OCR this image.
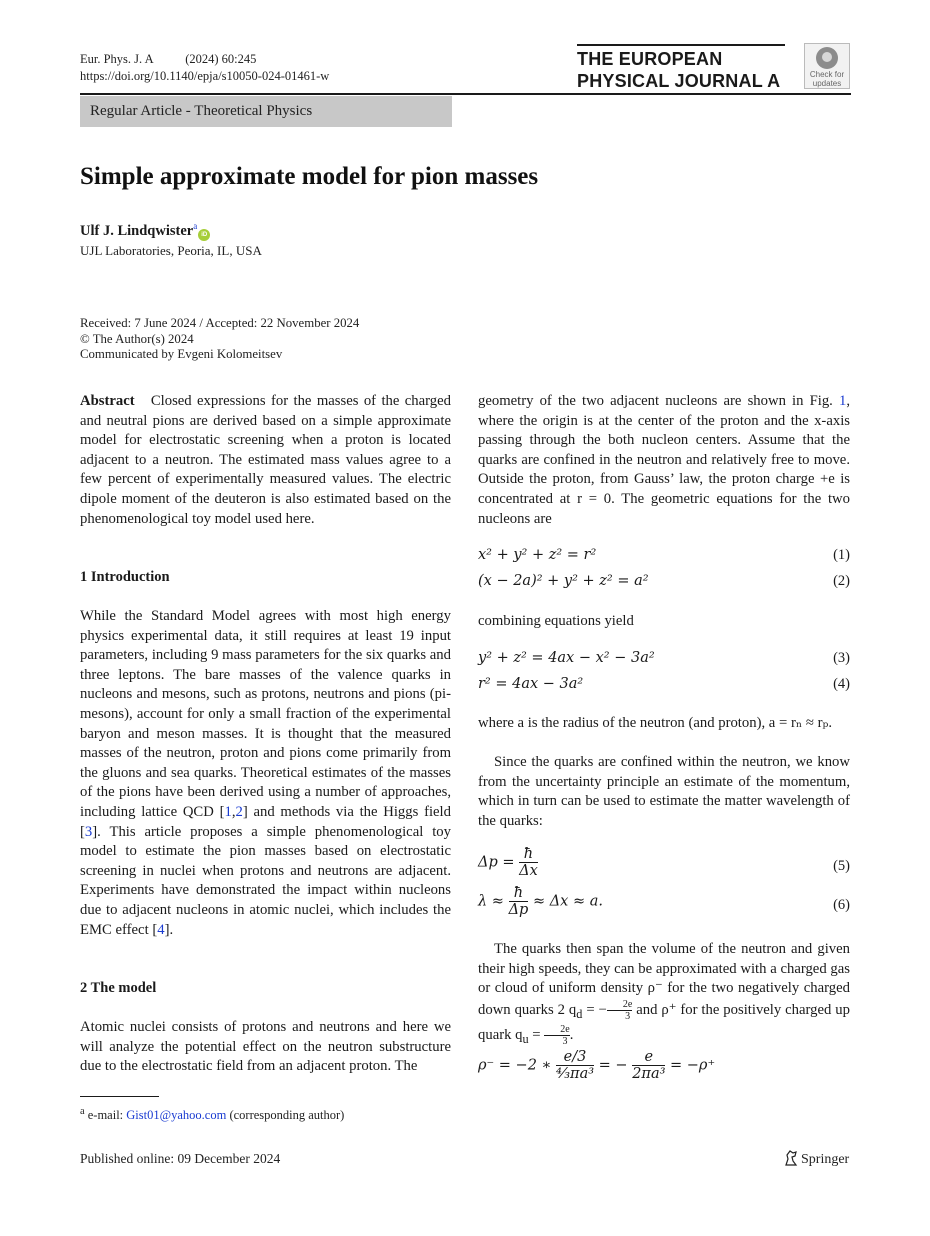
Eur. Phys. J. A	(2024) 60:245
https://doi.org/10.1140/epja/s10050-024-01461-w
THE EUROPEAN
PHYSICAL JOURNAL A	Check for
updates
Regular Article - Theoretical Physics
Simple approximate model for pion masses
Ulf J. Lindqwister$^a$iD
UJL Laboratories, Peoria, IL, USA
Received: 7 June 2024 / Accepted: 22 November 2024
© The Author(s) 2024
Communicated by Evgeni Kolomeitsev
Abstract Closed expressions for the masses of the charged and neutral pions are derived based on a simple approximate model for electrostatic screening when a proton is located adjacent to a neutron. The estimated mass values agree to a few percent of experimentally measured values. The electric dipole moment of the deuteron is also estimated based on the phenomenological toy model used here.
1 Introduction
While the Standard Model agrees with most high energy physics experimental data, it still requires at least 19 input parameters, including 9 mass parameters for the six quarks and three leptons. The bare masses of the valence quarks in nucleons and mesons, such as protons, neutrons and pions (pi-mesons), account for only a small fraction of the experimental baryon and meson masses. It is thought that the measured masses of the neutron, proton and pions come primarily from the gluons and sea quarks. Theoretical estimates of the masses of the pions have been derived using a number of approaches, including lattice QCD [1,2] and methods via the Higgs field [3]. This article proposes a simple phenomenological toy model to estimate the pion masses based on electrostatic screening in nuclei when protons and neutrons are adjacent. Experiments have demonstrated the impact within nucleons due to adjacent nucleons in atomic nuclei, which includes the EMC effect [4].
2 The model
Atomic nuclei consists of protons and neutrons and here we will analyze the potential effect on the neutron substructure due to the electrostatic field from an adjacent proton. The
geometry of the two adjacent nucleons are shown in Fig. 1, where the origin is at the center of the proton and the x-axis passing through the both nucleon centers. Assume that the quarks are confined in the neutron and relatively free to move. Outside the proton, from Gauss’ law, the proton charge +e is concentrated at r = 0. The geometric equations for the two nucleons are
x² + y² + z² = r²	(1)
(x − 2a)² + y² + z² = a²	(2)
combining equations yield
y² + z² = 4ax − x² − 3a²	(3)
r² = 4ax − 3a²	(4)
where a is the radius of the neutron (and proton), a = rₙ ≈ rₚ.
Since the quarks are confined within the neutron, we know from the uncertainty principle an estimate of the momentum, which in turn can be used to estimate the matter wavelength of the quarks:
$\Delta p = \frac{ħ}{\Delta x}$	(5)
$\lambda \approx \frac{ħ}{\Delta p} \approx \Delta x \approx a$.	(6)
The quarks then span the volume of the neutron and given their high speeds, they can be approximated with a charged gas or cloud of uniform density ρ⁻ for the two negatively charged down quarks 2 $q_d$ = − $\frac{2e}{3}$ and ρ⁺ for the positively charged up quark $q_u = \frac{2e}{3}$ .
ρ⁻ = −2 ∗ $\frac{e/3}{\text{⁴⁄₃πa³}}$ = − $\frac{e}{\text{2πa³}} = -\rho^+$
$^a$ e-mail: Gist01@yahoo.com (corresponding author)
Published online: 09 December 2024	Springer
